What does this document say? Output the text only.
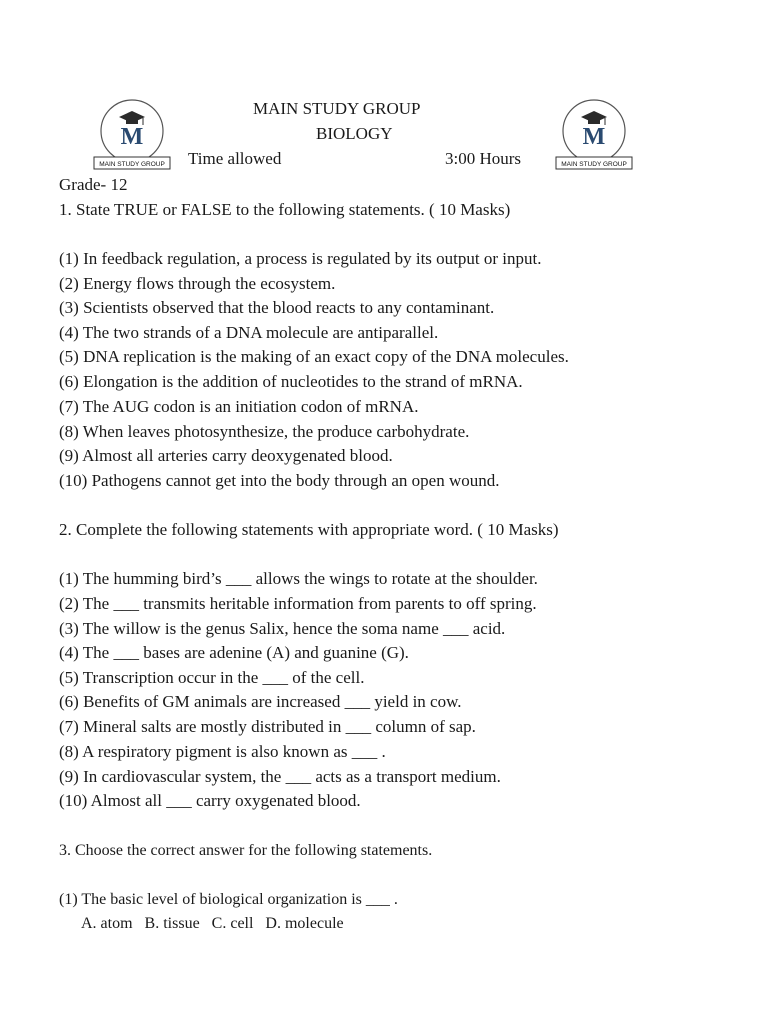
M
MAIN STUDY GROUP
M
MAIN STUDY GROUP
MAIN STUDY GROUP
BIOLOGY
Time allowed	3:00 Hours
Grade- 12
1. State TRUE or FALSE to the following statements. ( 10 Masks)
(1) In feedback regulation, a process is regulated by its output or input.
(2) Energy flows through the ecosystem.
(3) Scientists observed that the blood reacts to any contaminant.
(4) The two strands of a DNA molecule are antiparallel.
(5) DNA replication is the making of an exact copy of the DNA molecules.
(6) Elongation is the addition of nucleotides to the strand of mRNA.
(7) The AUG codon is an initiation codon of mRNA.
(8) When leaves photosynthesize, the produce carbohydrate.
(9) Almost all arteries carry deoxygenated blood.
(10) Pathogens cannot get into the body through an open wound.
2. Complete the following statements with appropriate word. ( 10 Masks)
(1) The humming bird’s ___ allows the wings to rotate at the shoulder.
(2) The ___ transmits heritable information from parents to off spring.
(3) The willow is the genus Salix, hence the soma name ___ acid.
(4) The ___ bases are adenine (A) and guanine (G).
(5) Transcription occur in the ___ of the cell.
(6) Benefits of GM animals are increased ___ yield in cow.
(7) Mineral salts are mostly distributed in ___ column of sap.
(8) A respiratory pigment is also known as ___ .
(9) In cardiovascular system, the ___ acts as a transport medium.
(10) Almost all ___ carry oxygenated blood.
3. Choose the correct answer for the following statements.
(1) The basic level of biological organization is ___ .
A. atom   B. tissue   C. cell   D. molecule
